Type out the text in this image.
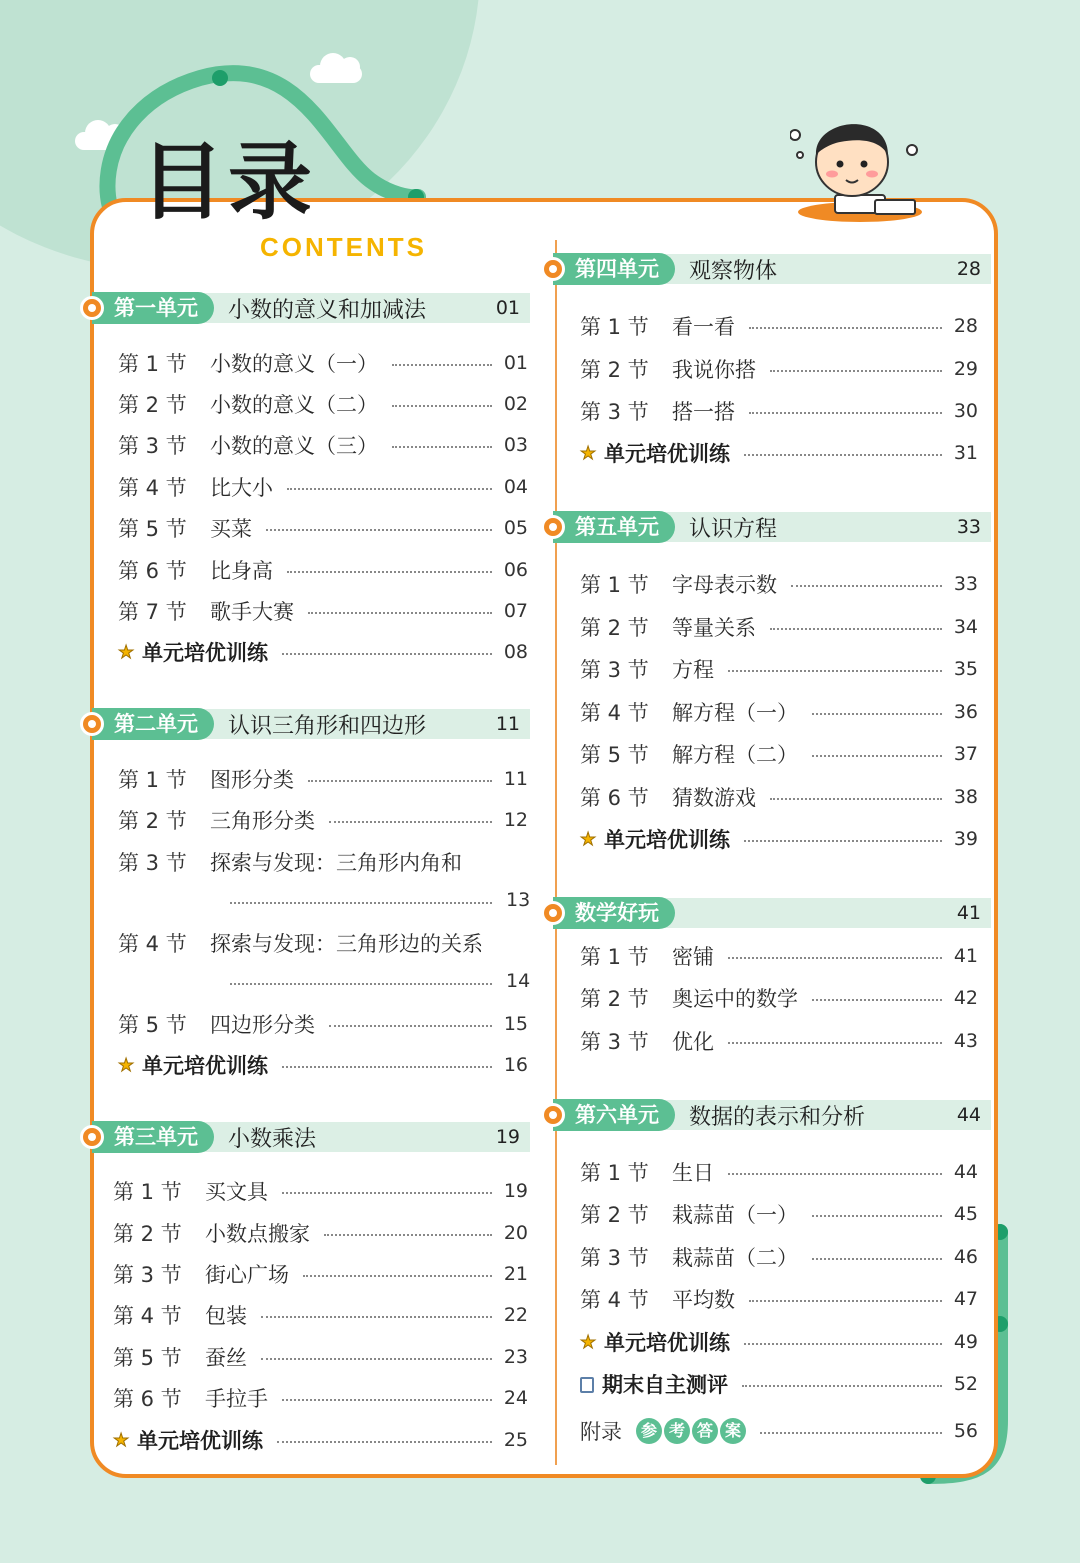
目录
CONTENTS
第一单元	小数的意义和加减法	01
第 1 节	小数的意义（一）	01
第 2 节	小数的意义（二）	02
第 3 节	小数的意义（三）	03
第 4 节	比大小	04
第 5 节	买菜	05
第 6 节	比身高	06
第 7 节	歌手大赛	07
★ 单元培优训练	08
第二单元	认识三角形和四边形	11
第 1 节	图形分类	11
第 2 节	三角形分类	12
第 3 节	探索与发现：三角形内角和
13
第 4 节	探索与发现：三角形边的关系
14
第 5 节	四边形分类	15
★ 单元培优训练	16
第三单元	小数乘法	19
第 1 节	买文具	19
第 2 节	小数点搬家	20
第 3 节	街心广场	21
第 4 节	包装	22
第 5 节	蚕丝	23
第 6 节	手拉手	24
★ 单元培优训练	25
第四单元	观察物体	28
第 1 节	看一看	28
第 2 节	我说你搭	29
第 3 节	搭一搭	30
★ 单元培优训练	31
第五单元	认识方程	33
第 1 节	字母表示数	33
第 2 节	等量关系	34
第 3 节	方程	35
第 4 节	解方程（一）	36
第 5 节	解方程（二）	37
第 6 节	猜数游戏	38
★ 单元培优训练	39
数学好玩	41
第 1 节	密铺	41
第 2 节	奥运中的数学	42
第 3 节	优化	43
第六单元	数据的表示和分析	44
第 1 节	生日	44
第 2 节	栽蒜苗（一）	45
第 3 节	栽蒜苗（二）	46
第 4 节	平均数	47
★ 单元培优训练	49
期末自主测评	52
附录	参 考 答 案	56
